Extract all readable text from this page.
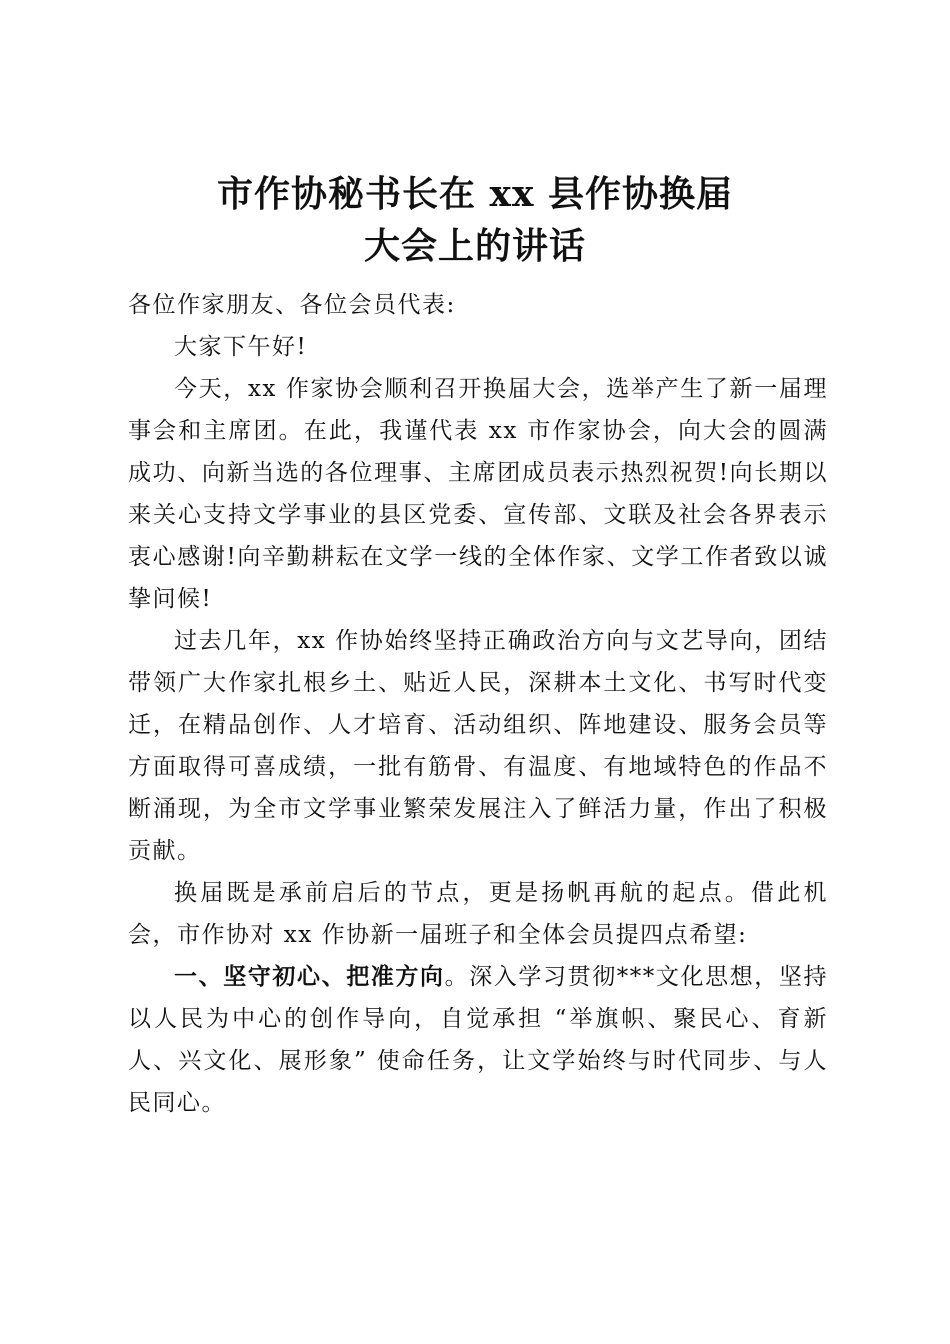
市作协秘书长在 xx 县作协换届
大会上的讲话

各位作家朋友、各位会员代表:

大家下午好!

今天，xx 作家协会顺利召开换届大会，选举产生了新一届理事会和主席团。在此，我谨代表 xx 市作家协会，向大会的圆满成功、向新当选的各位理事、主席团成员表示热烈祝贺!向长期以来关心支持文学事业的县区党委、宣传部、文联及社会各界表示衷心感谢!向辛勤耕耘在文学一线的全体作家、文学工作者致以诚挚问候!

过去几年，xx 作协始终坚持正确政治方向与文艺导向，团结带领广大作家扎根乡土、贴近人民，深耕本土文化、书写时代变迁，在精品创作、人才培育、活动组织、阵地建设、服务会员等方面取得可喜成绩，一批有筋骨、有温度、有地域特色的作品不断涌现，为全市文学事业繁荣发展注入了鲜活力量，作出了积极贡献。

换届既是承前启后的节点，更是扬帆再航的起点。借此机会，市作协对 xx 作协新一届班子和全体会员提四点希望:

一、坚守初心、把准方向。深入学习贯彻***文化思想，坚持以人民为中心的创作导向，自觉承担 “举旗帜、聚民心、育新人、兴文化、展形象” 使命任务，让文学始终与时代同步、与人民同心。
